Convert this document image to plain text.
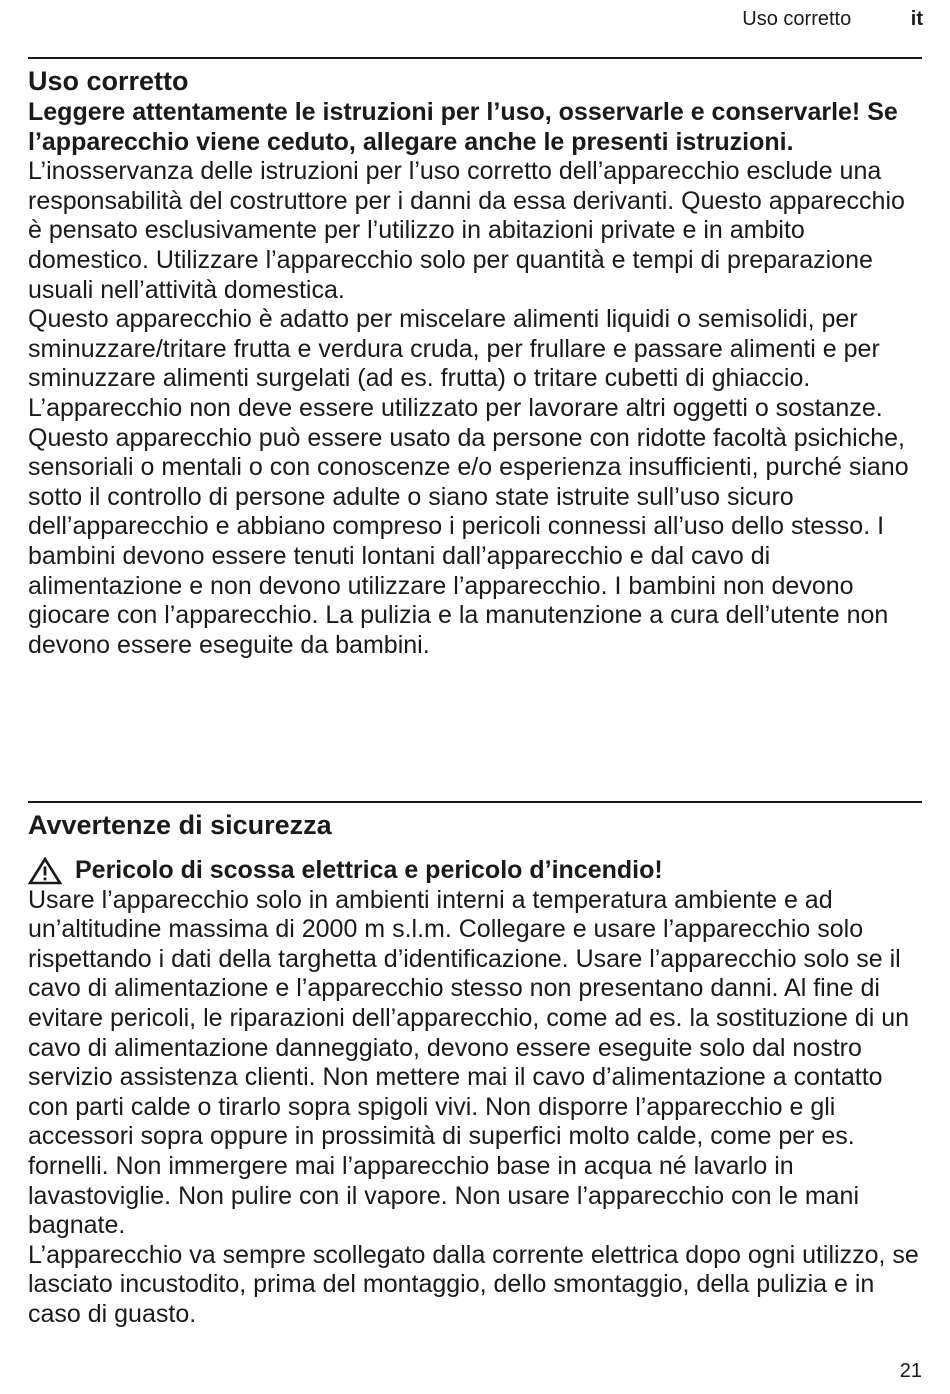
Uso corretto	it
Uso corretto

Leggere attentamente le istruzioni per l’uso, osservarle e conservarle! Se l’apparecchio viene ceduto, allegare anche le presenti istruzioni.

L’inosservanza delle istruzioni per l’uso corretto dell’apparecchio esclude una responsabilità del costruttore per i danni da essa derivanti. Questo apparecchio è pensato esclusivamente per l’utilizzo in abitazioni private e in ambito domestico. Utilizzare l’apparecchio solo per quantità e tempi di preparazione usuali nell’attività domestica.

Questo apparecchio è adatto per miscelare alimenti liquidi o semisolidi, per sminuzzare/tritare frutta e verdura cruda, per frullare e passare alimenti e per sminuzzare alimenti surgelati (ad es. frutta) o tritare cubetti di ghiaccio. L’apparecchio non deve essere utilizzato per lavorare altri oggetti o sostanze.

Questo apparecchio può essere usato da persone con ridotte facoltà psichiche, sensoriali o mentali o con conoscenze e/o esperienza insufficienti, purché siano sotto il controllo di persone adulte o siano state istruite sull’uso sicuro dell’apparecchio e abbiano compreso i pericoli connessi all’uso dello stesso. I bambini devono essere tenuti lontani dall’apparecchio e dal cavo di alimentazione e non devono utilizzare l’apparecchio. I bambini non devono giocare con l’apparecchio. La pulizia e la manutenzione a cura dell’utente non devono essere eseguite da bambini.

Avvertenze di sicurezza
Pericolo di scossa elettrica e pericolo d’incendio!

Usare l’apparecchio solo in ambienti interni a temperatura ambiente e ad un’altitudine massima di 2000 m s.l.m. Collegare e usare l’apparecchio solo rispettando i dati della targhetta d’identificazione. Usare l’apparecchio solo se il cavo di alimentazione e l’apparecchio stesso non presentano danni. Al fine di evitare pericoli, le riparazioni dell’apparecchio, come ad es. la sostituzione di un cavo di alimentazione danneggiato, devono essere eseguite solo dal nostro servizio assistenza clienti. Non mettere mai il cavo d’alimentazione a contatto con parti calde o tirarlo sopra spigoli vivi. Non disporre l’apparecchio e gli accessori sopra oppure in prossimità di superfici molto calde, come per es. fornelli. Non immergere mai l’apparecchio base in acqua né lavarlo in lavastoviglie. Non pulire con il vapore. Non usare l’apparecchio con le mani bagnate.

L’apparecchio va sempre scollegato dalla corrente elettrica dopo ogni utilizzo, se lasciato incustodito, prima del montaggio, dello smontaggio, della pulizia e in caso di guasto.

21
